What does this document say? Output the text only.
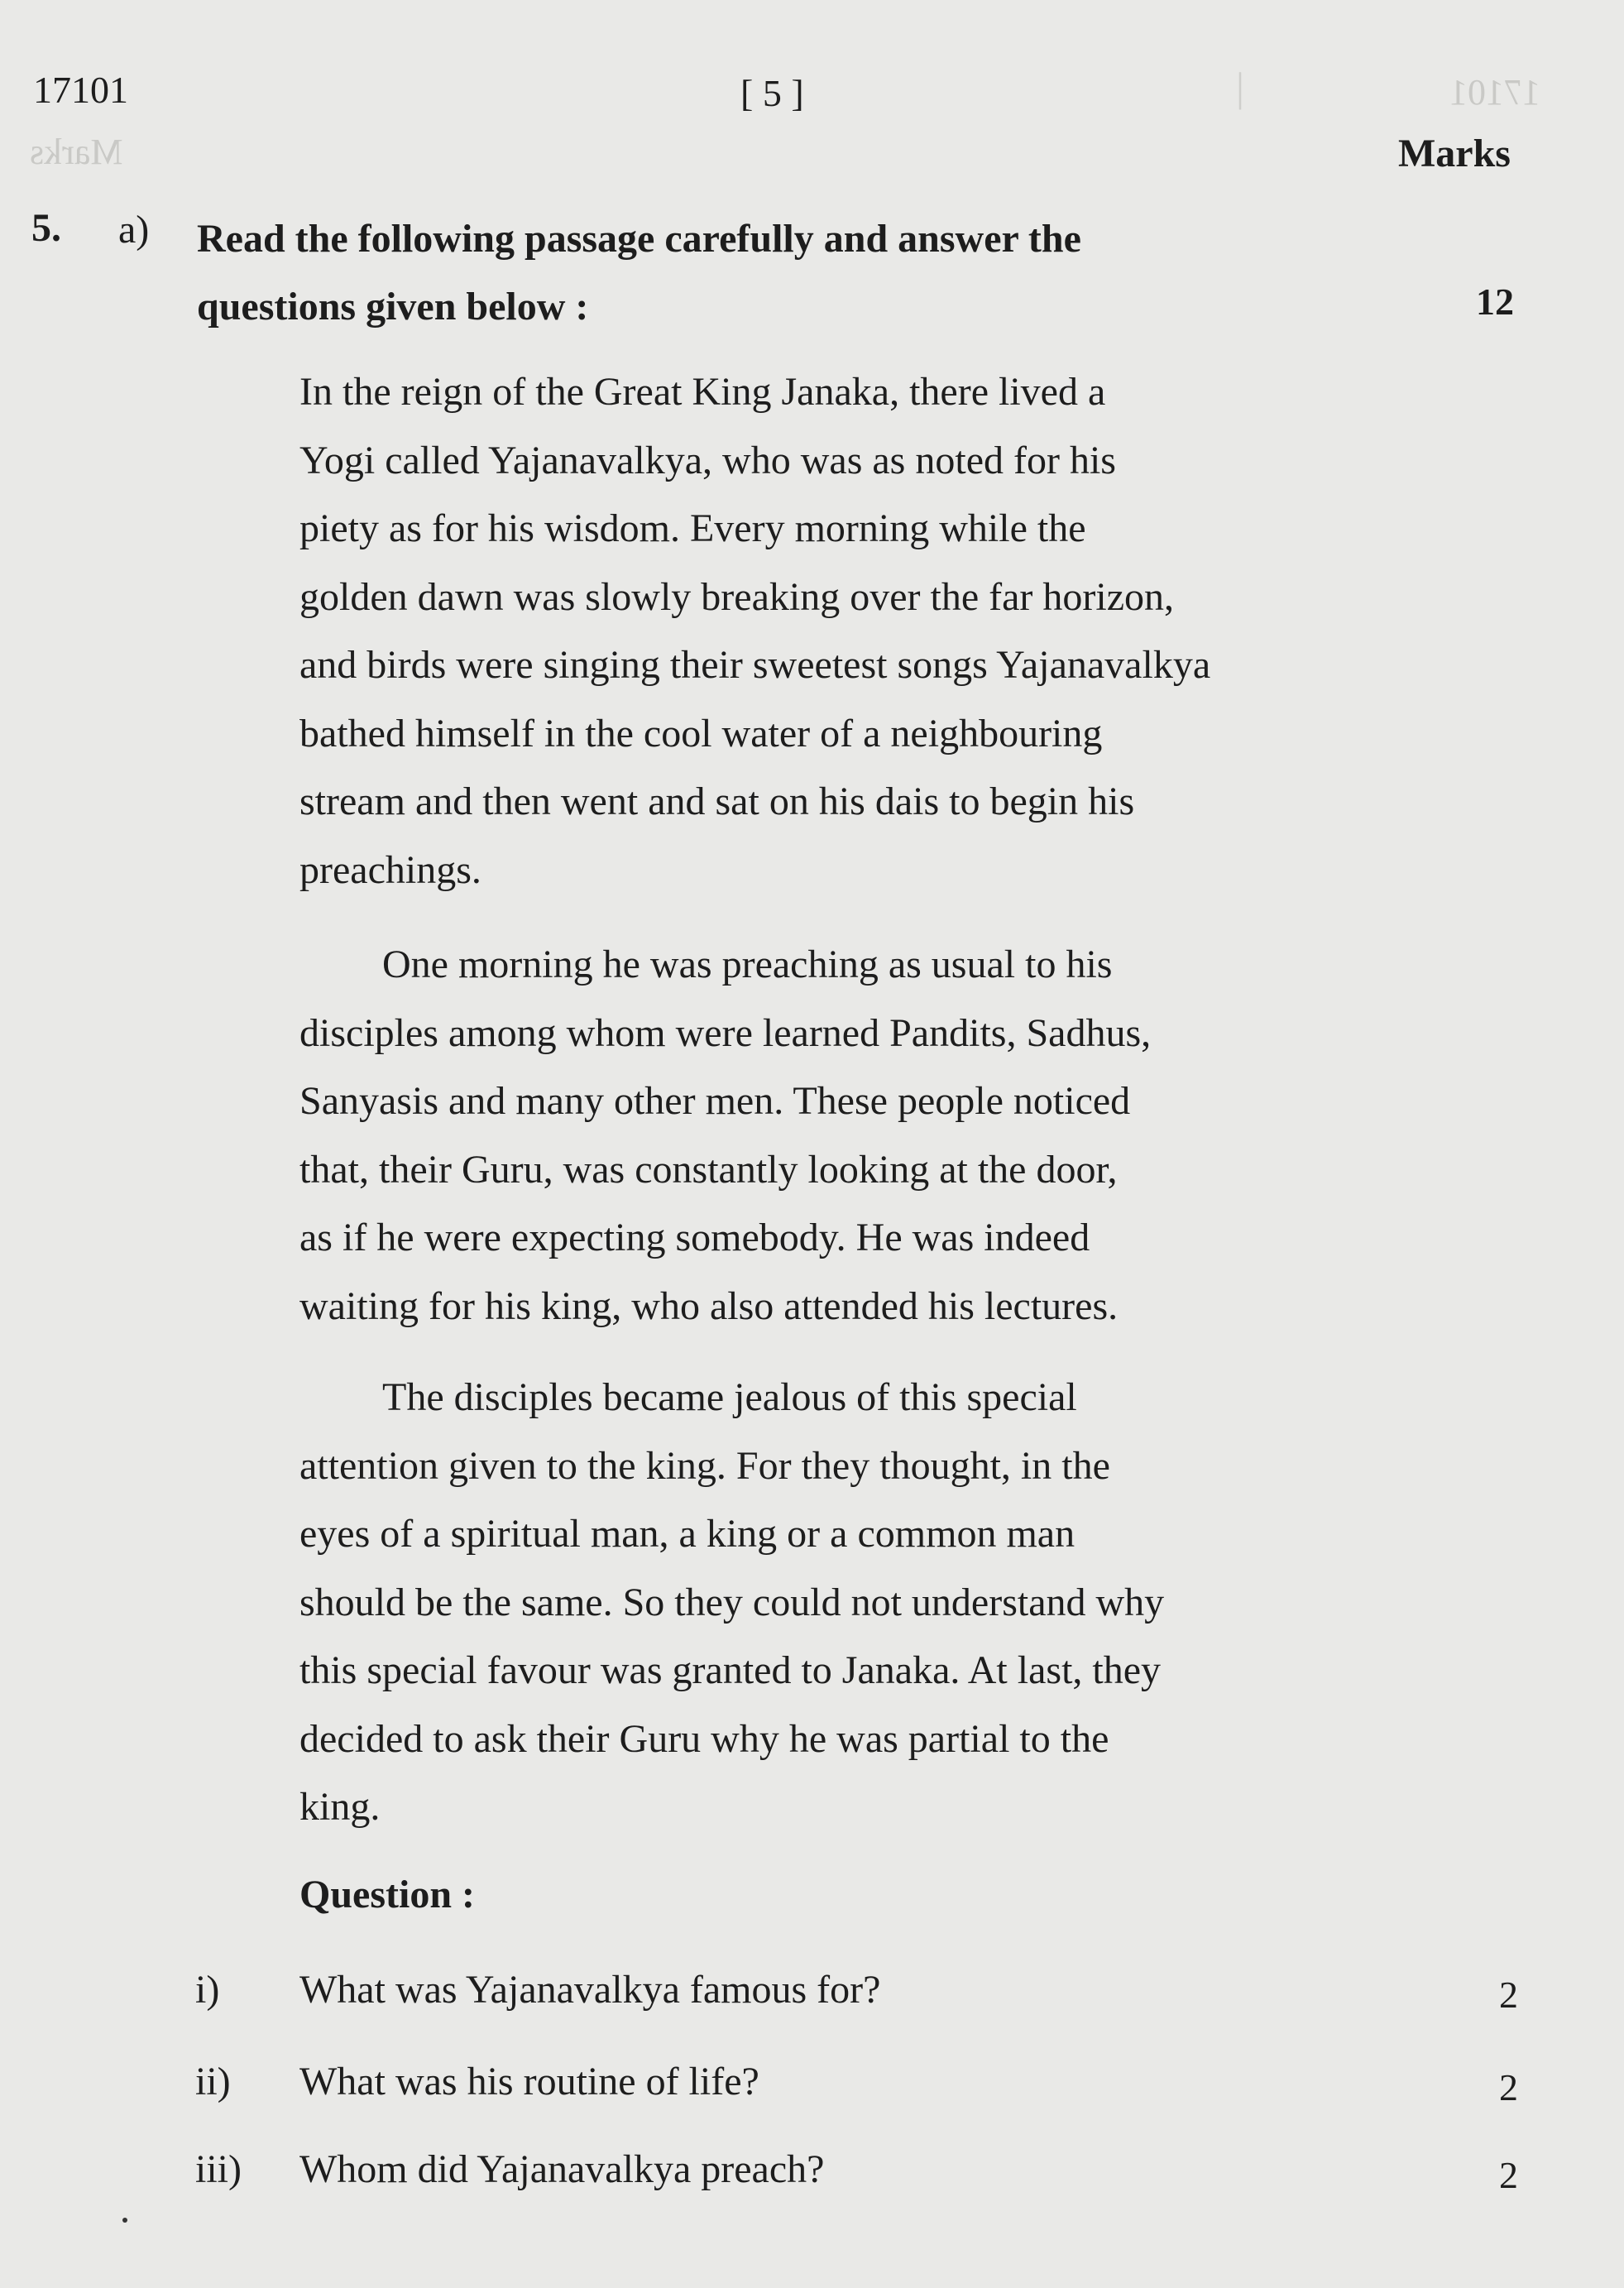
17101
Marks
|
17101	[ 5 ]
Marks
5. a) Read the following passage carefully and answer the
questions given below :	12
In the reign of the Great King Janaka, there lived a
Yogi called Yajanavalkya, who was as noted for his
piety as for his wisdom. Every morning while the
golden dawn was slowly breaking over the far horizon,
and birds were singing their sweetest songs Yajanavalkya
bathed himself in the cool water of a neighbouring
stream and then went and sat on his dais to begin his
preachings.
One morning he was preaching as usual to his
disciples among whom were learned Pandits, Sadhus,
Sanyasis and many other men. These people noticed
that, their Guru, was constantly looking at the door,
as if he were expecting somebody. He was indeed
waiting for his king, who also attended his lectures.
The disciples became jealous of this special
attention given to the king. For they thought, in the
eyes of a spiritual man, a king or a common man
should be the same. So they could not understand why
this special favour was granted to Janaka. At last, they
decided to ask their Guru why he was partial to the
king.
Question :
i) What was Yajanavalkya famous for?	2
ii) What was his routine of life?	2
iii) Whom did Yajanavalkya preach?	2
